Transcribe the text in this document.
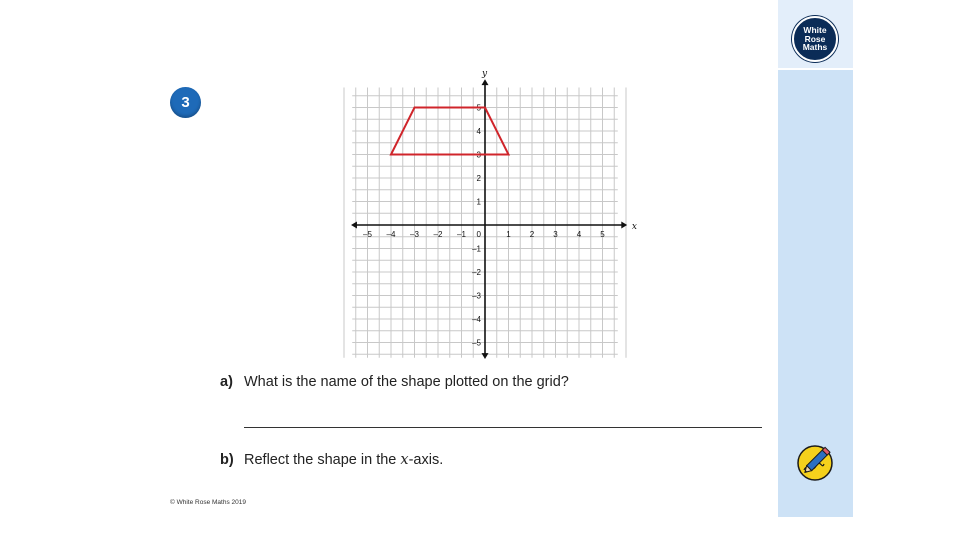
White
Rose
Maths
3
x
y
–5 –4 –3 –2 –1	1 2 3 4 5
5
4
3
2
1
–1
–2
–3
–4
–5
0
a) What is the name of the shape plotted on the grid?
b) Reflect the shape in the x-axis.
© White Rose Maths 2019
